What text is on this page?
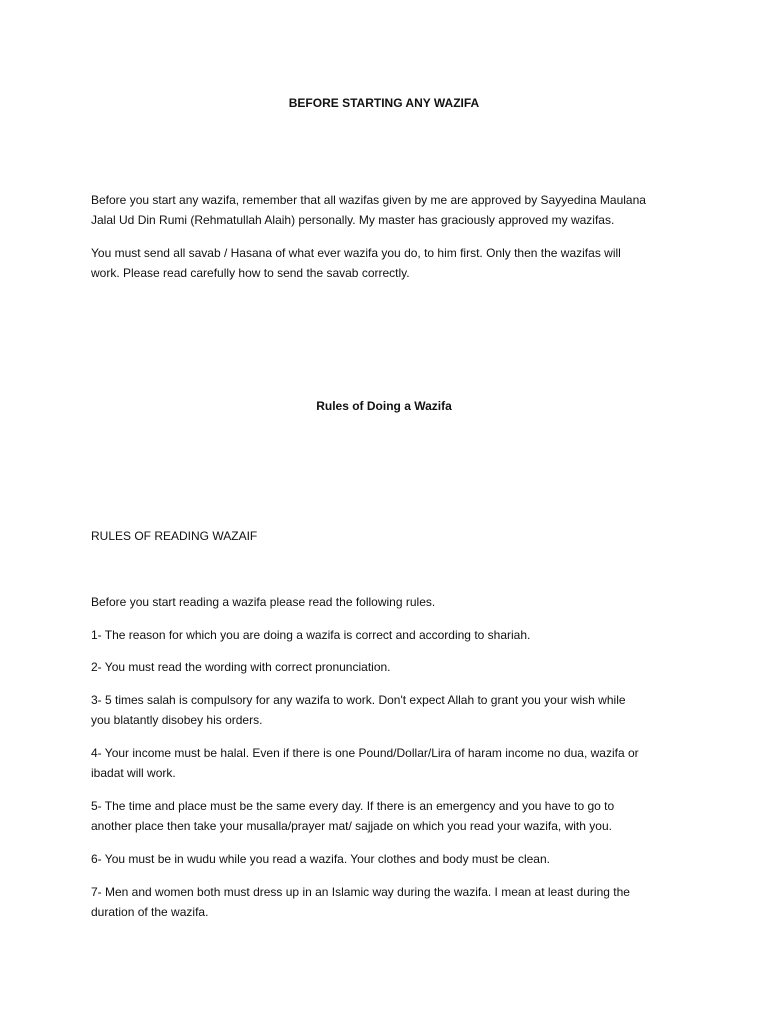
BEFORE STARTING ANY WAZIFA

Before you start any wazifa, remember that all wazifas given by me are approved by Sayyedina Maulana
Jalal Ud Din Rumi (Rehmatullah Alaih) personally. My master has graciously approved my wazifas.

You must send all savab / Hasana of what ever wazifa you do, to him first. Only then the wazifas will
work. Please read carefully how to send the savab correctly.

Rules of Doing a Wazifa

RULES OF READING WAZAIF

Before you start reading a wazifa please read the following rules.

1- The reason for which you are doing a wazifa is correct and according to shariah.

2- You must read the wording with correct pronunciation.

3- 5 times salah is compulsory for any wazifa to work. Don't expect Allah to grant you your wish while
you blatantly disobey his orders.

4- Your income must be halal. Even if there is one Pound/Dollar/Lira of haram income no dua, wazifa or
ibadat will work.

5- The time and place must be the same every day. If there is an emergency and you have to go to
another place then take your musalla/prayer mat/ sajjade on which you read your wazifa, with you.

6- You must be in wudu while you read a wazifa. Your clothes and body must be clean.

7- Men and women both must dress up in an Islamic way during the wazifa. I mean at least during the
duration of the wazifa.
